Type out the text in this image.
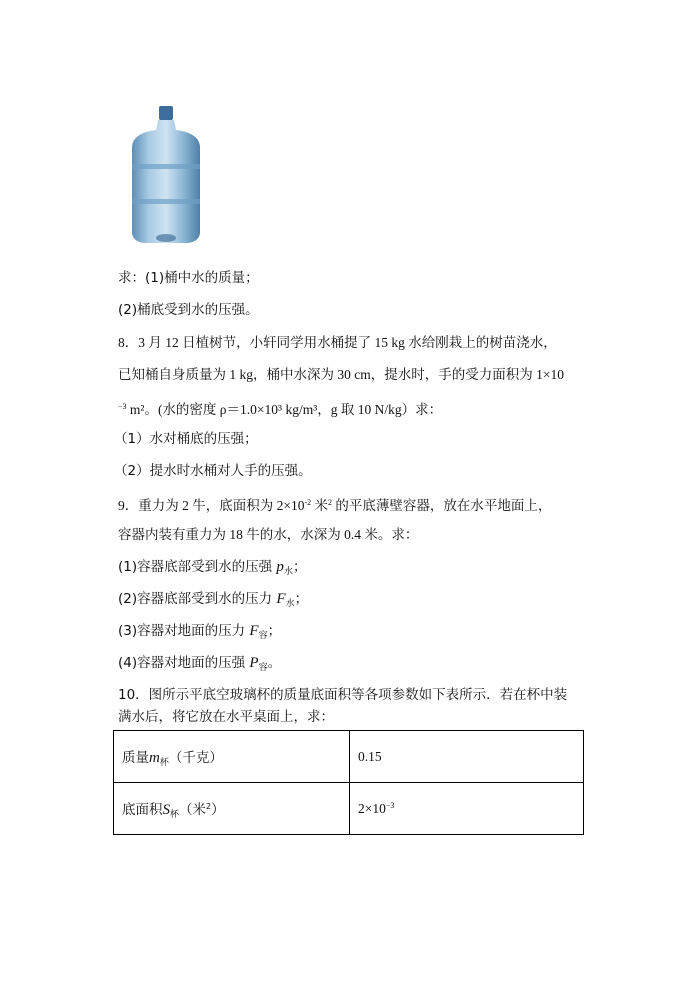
求：(1)桶中水的质量；
(2)桶底受到水的压强。
8．3 月 12 日植树节，小轩同学用水桶提了 15 kg 水给刚栽上的树苗浇水，
已知桶自身质量为 1 kg，桶中水深为 30 cm，提水时，手的受力面积为 1×10
$^{-3}$ m²。(水的密度 ρ＝1.0×10³ kg/m³，g 取 10 N/kg）求：
（1）水对桶底的压强；
（2）提水时水桶对人手的压强。
9．重力为 2 牛，底面积为 $2\times 10^{-2}$ 米$^2$ 的平底薄壁容器，放在水平地面上，
容器内装有重力为 18 牛的水，水深为 0.4 米。求：
(1)容器底部受到水的压强 $p_水$；
(2)容器底部受到水的压力 $F_水$；
(3)容器对地面的压力 $F_容$；
(4)容器对地面的压强 $P_容$。
10．图所示平底空玻璃杯的质量底面积等各项参数如下表所示．若在杯中装
满水后，将它放在水平桌面上，求：
质量$m_杯$（千克）	0.15
底面积$S_杯$（米$^2$）	$2\times 10^{-3}$
